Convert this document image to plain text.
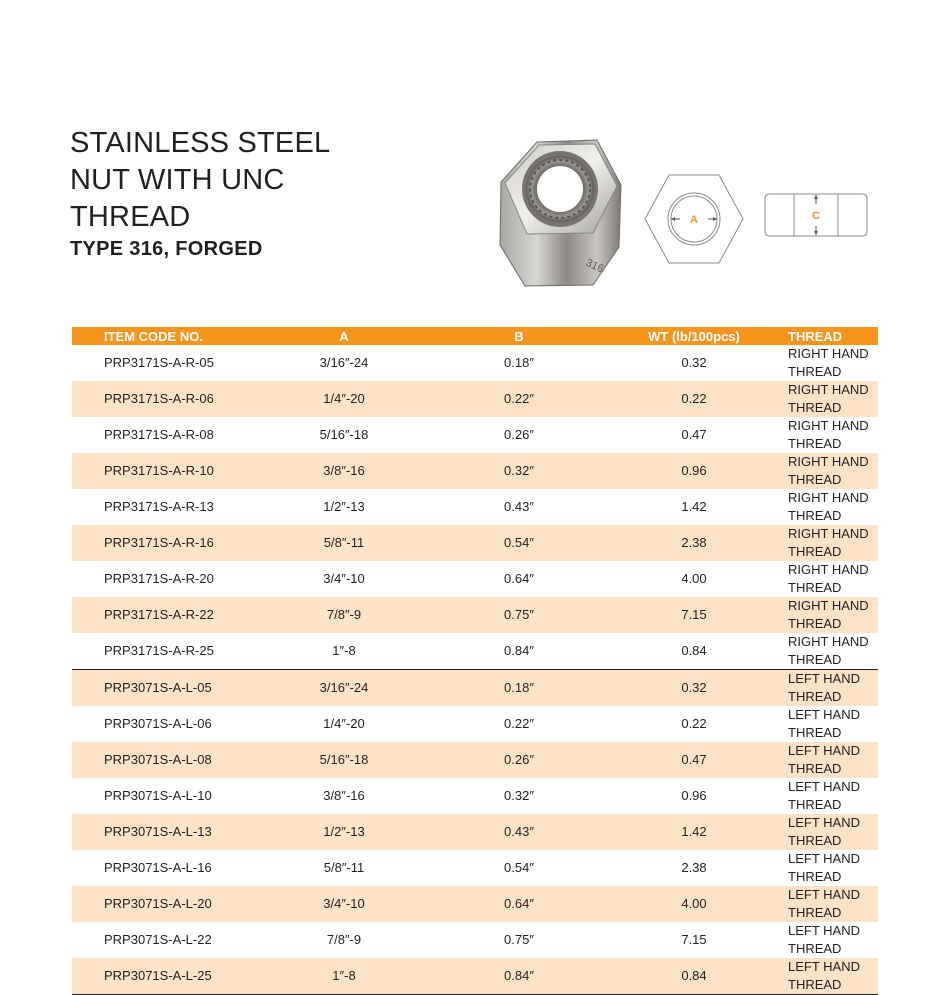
STAINLESS STEEL
NUT WITH UNC
THREAD
TYPE 316, FORGED
316
A	C
ITEM CODE NO.	A	B	WT (lb/100pcs)	THREAD
PRP3171S-A-R-05	3/16″-24	0.18″	0.32	RIGHT HAND THREAD
PRP3171S-A-R-06	1/4″-20	0.22″	0.22	RIGHT HAND THREAD
PRP3171S-A-R-08	5/16″-18	0.26″	0.47	RIGHT HAND THREAD
PRP3171S-A-R-10	3/8″-16	0.32″	0.96	RIGHT HAND THREAD
PRP3171S-A-R-13	1/2″-13	0.43″	1.42	RIGHT HAND THREAD
PRP3171S-A-R-16	5/8″-11	0.54″	2.38	RIGHT HAND THREAD
PRP3171S-A-R-20	3/4″-10	0.64″	4.00	RIGHT HAND THREAD
PRP3171S-A-R-22	7/8″-9	0.75″	7.15	RIGHT HAND THREAD
PRP3171S-A-R-25	1″-8	0.84″	0.84	RIGHT HAND THREAD
PRP3071S-A-L-05	3/16″-24	0.18″	0.32	LEFT HAND THREAD
PRP3071S-A-L-06	1/4″-20	0.22″	0.22	LEFT HAND THREAD
PRP3071S-A-L-08	5/16″-18	0.26″	0.47	LEFT HAND THREAD
PRP3071S-A-L-10	3/8″-16	0.32″	0.96	LEFT HAND THREAD
PRP3071S-A-L-13	1/2″-13	0.43″	1.42	LEFT HAND THREAD
PRP3071S-A-L-16	5/8″-11	0.54″	2.38	LEFT HAND THREAD
PRP3071S-A-L-20	3/4″-10	0.64″	4.00	LEFT HAND THREAD
PRP3071S-A-L-22	7/8″-9	0.75″	7.15	LEFT HAND THREAD
PRP3071S-A-L-25	1″-8	0.84″	0.84	LEFT HAND THREAD
